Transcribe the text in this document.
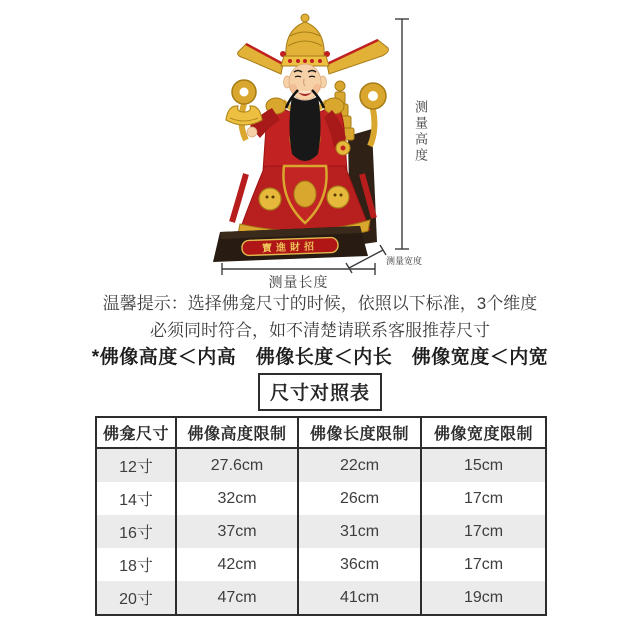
寶進財招
测量高度
测量长度
测量宽度
温馨提示：选择佛龛尺寸的时候，依照以下标准，3个维度
必须同时符合，如不清楚请联系客服推荐尺寸
*佛像高度＜内高　佛像长度＜内长　佛像宽度＜内宽
尺寸对照表
佛龛尺寸	佛像高度限制	佛像长度限制	佛像宽度限制
12寸	27.6cm	22cm	15cm
14寸	32cm	26cm	17cm
16寸	37cm	31cm	17cm
18寸	42cm	36cm	17cm
20寸	47cm	41cm	19cm
